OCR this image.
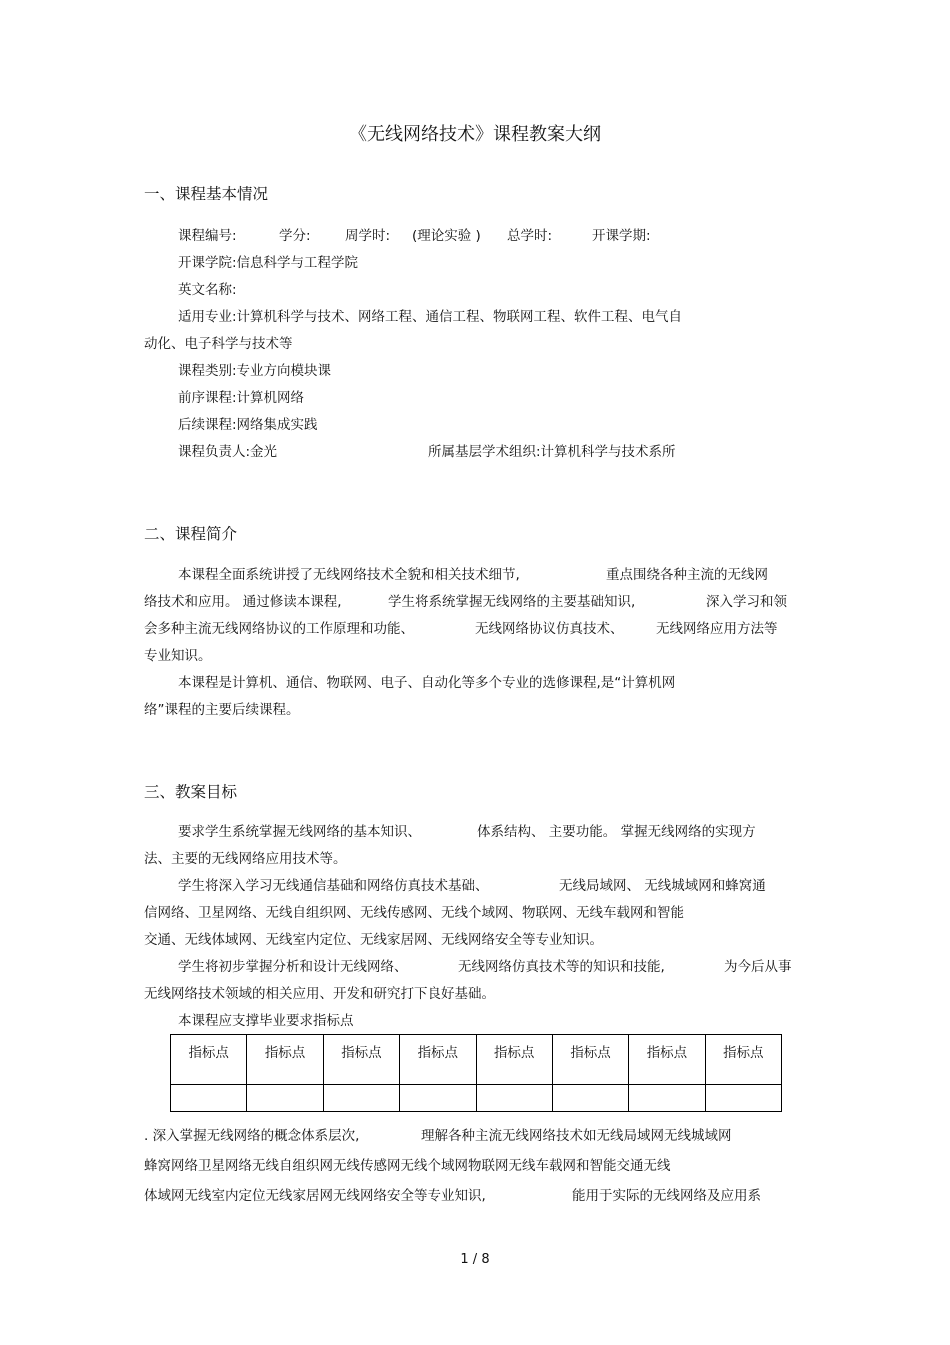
《无线网络技术》课程教案大纲
一、课程基本情况
课程编号:	学分:	周学时: (理论实验 ) 总学时:	开课学期:
开课学院:信息科学与工程学院
英文名称:
适用专业:计算机科学与技术、网络工程、通信工程、物联网工程、软件工程、电气自
动化、电子科学与技术等
课程类别:专业方向模块课
前序课程:计算机网络
后续课程:网络集成实践
课程负责人:金光	所属基层学术组织:计算机科学与技术系所
二、课程简介
本课程全面系统讲授了无线网络技术全貌和相关技术细节,	重点围绕各种主流的无线网
络技术和应用。 通过修读本课程,	学生将系统掌握无线网络的主要基础知识,	深入学习和领
会多种主流无线网络协议的工作原理和功能、	无线网络协议仿真技术、 无线网络应用方法等
专业知识。
本课程是计算机、通信、物联网、电子、自动化等多个专业的选修课程,是“计算机网
络”课程的主要后续课程。
三、教案目标
要求学生系统掌握无线网络的基本知识、	体系结构、 主要功能。 掌握无线网络的实现方
法、主要的无线网络应用技术等。
学生将深入学习无线通信基础和网络仿真技术基础、	无线局域网、 无线城域网和蜂窝通
信网络、卫星网络、无线自组织网、无线传感网、无线个域网、物联网、无线车载网和智能
交通、无线体域网、无线室内定位、无线家居网、无线网络安全等专业知识。
学生将初步掌握分析和设计无线网络、	无线网络仿真技术等的知识和技能,	为今后从事
无线网络技术领域的相关应用、开发和研究打下良好基础。
本课程应支撑毕业要求指标点
指标点	指标点	指标点	指标点	指标点	指标点	指标点	指标点

. 深入掌握无线网络的概念体系层次,	理解各种主流无线网络技术如无线局域网无线城域网
蜂窝网络卫星网络无线自组织网无线传感网无线个域网物联网无线车载网和智能交通无线
体域网无线室内定位无线家居网无线网络安全等专业知识,	能用于实际的无线网络及应用系
1 / 8
